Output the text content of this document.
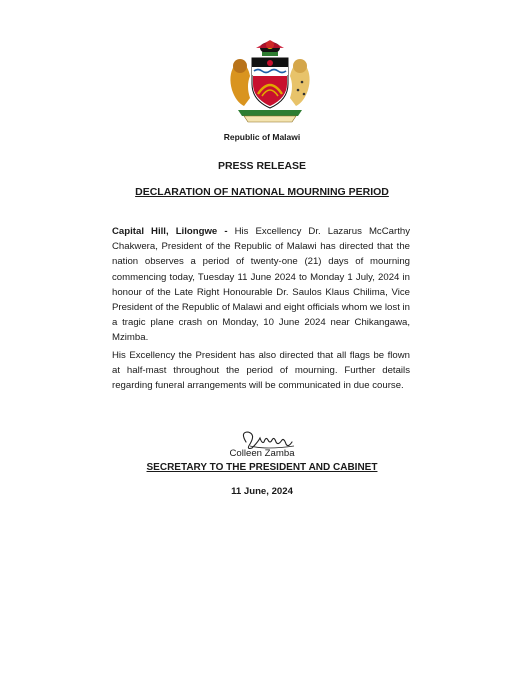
Republic of Malawi
PRESS RELEASE
DECLARATION OF NATIONAL MOURNING PERIOD
Capital Hill, Lilongwe - His Excellency Dr. Lazarus McCarthy Chakwera, President of the Republic of Malawi has directed that the nation observes a period of twenty-one (21) days of mourning commencing today, Tuesday 11 June 2024 to Monday 1 July, 2024 in honour of the Late Right Honourable Dr. Saulos Klaus Chilima, Vice President of the Republic of Malawi and eight officials whom we lost in a tragic plane crash on Monday, 10 June 2024 near Chikangawa, Mzimba.
His Excellency the President has also directed that all flags be flown at half-mast throughout the period of mourning. Further details regarding funeral arrangements will be communicated in due course.
Colleen Zamba
SECRETARY TO THE PRESIDENT AND CABINET
11 June, 2024
